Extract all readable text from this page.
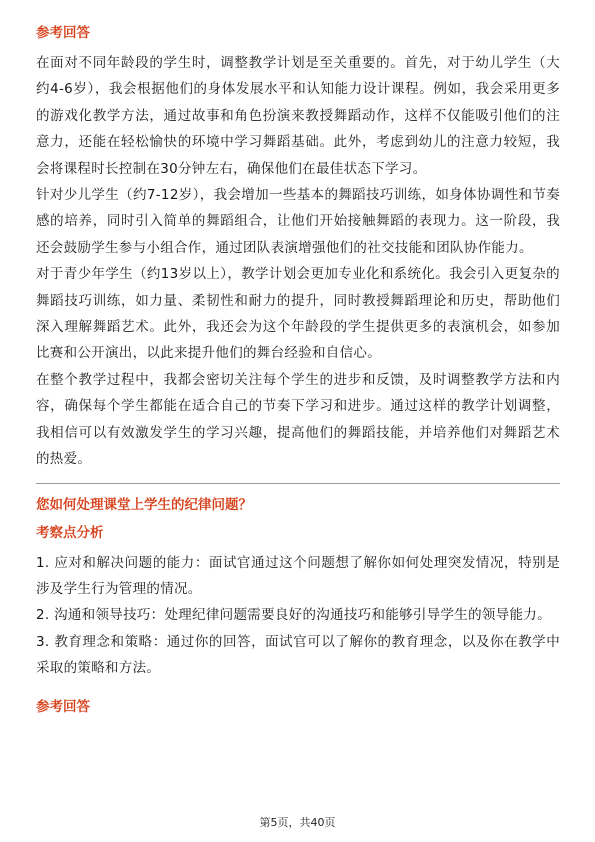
参考回答

在面对不同年龄段的学生时，调整教学计划是至关重要的。首先，对于幼儿学生（大约4-6岁），我会根据他们的身体发展水平和认知能力设计课程。例如，我会采用更多的游戏化教学方法，通过故事和角色扮演来教授舞蹈动作，这样不仅能吸引他们的注意力，还能在轻松愉快的环境中学习舞蹈基础。此外，考虑到幼儿的注意力较短，我会将课程时长控制在30分钟左右，确保他们在最佳状态下学习。

针对少儿学生（约7-12岁），我会增加一些基本的舞蹈技巧训练，如身体协调性和节奏感的培养，同时引入简单的舞蹈组合，让他们开始接触舞蹈的表现力。这一阶段，我还会鼓励学生参与小组合作，通过团队表演增强他们的社交技能和团队协作能力。

对于青少年学生（约13岁以上），教学计划会更加专业化和系统化。我会引入更复杂的舞蹈技巧训练，如力量、柔韧性和耐力的提升，同时教授舞蹈理论和历史，帮助他们深入理解舞蹈艺术。此外，我还会为这个年龄段的学生提供更多的表演机会，如参加比赛和公开演出，以此来提升他们的舞台经验和自信心。

在整个教学过程中，我都会密切关注每个学生的进步和反馈，及时调整教学方法和内容，确保每个学生都能在适合自己的节奏下学习和进步。通过这样的教学计划调整，我相信可以有效激发学生的学习兴趣，提高他们的舞蹈技能，并培养他们对舞蹈艺术的热爱。

您如何处理课堂上学生的纪律问题？

考察点分析

1. 应对和解决问题的能力：面试官通过这个问题想了解你如何处理突发情况，特别是涉及学生行为管理的情况。

2. 沟通和领导技巧：处理纪律问题需要良好的沟通技巧和能够引导学生的领导能力。

3. 教育理念和策略：通过你的回答，面试官可以了解你的教育理念，以及你在教学中采取的策略和方法。

参考回答

第5页，共40页
